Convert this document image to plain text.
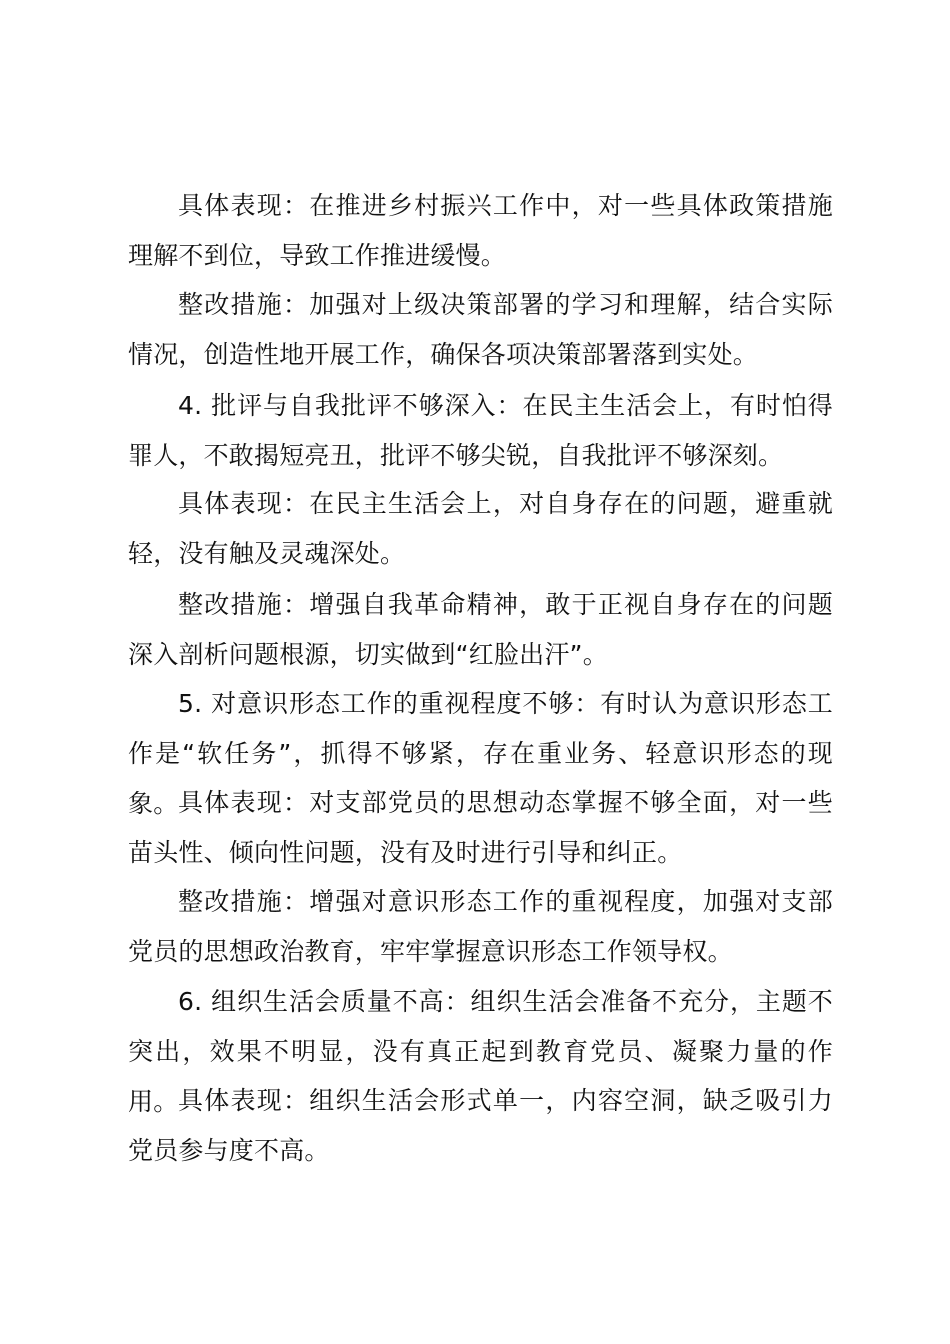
具体表现：在推进乡村振兴工作中，对一些具体政策措施理解不到位，导致工作推进缓慢。

整改措施：加强对上级决策部署的学习和理解，结合实际情况，创造性地开展工作，确保各项决策部署落到实处。

4. 批评与自我批评不够深入：在民主生活会上，有时怕得罪人，不敢揭短亮丑，批评不够尖锐，自我批评不够深刻。

具体表现：在民主生活会上，对自身存在的问题，避重就轻，没有触及灵魂深处。

整改措施：增强自我革命精神，敢于正视自身存在的问题深入剖析问题根源，切实做到“红脸出汗”。

5. 对意识形态工作的重视程度不够：有时认为意识形态工作是“软任务”，抓得不够紧，存在重业务、轻意识形态的现象。 具体表现：对支部党员的思想动态掌握不够全面，对一些苗头性、倾向性问题，没有及时进行引导和纠正。

整改措施：增强对意识形态工作的重视程度，加强对支部党员的思想政治教育，牢牢掌握意识形态工作领导权。

6. 组织生活会质量不高：组织生活会准备不充分，主题不突出，效果不明显，没有真正起到教育党员、凝聚力量的作用。 具体表现：组织生活会形式单一，内容空洞，缺乏吸引力党员参与度不高。
